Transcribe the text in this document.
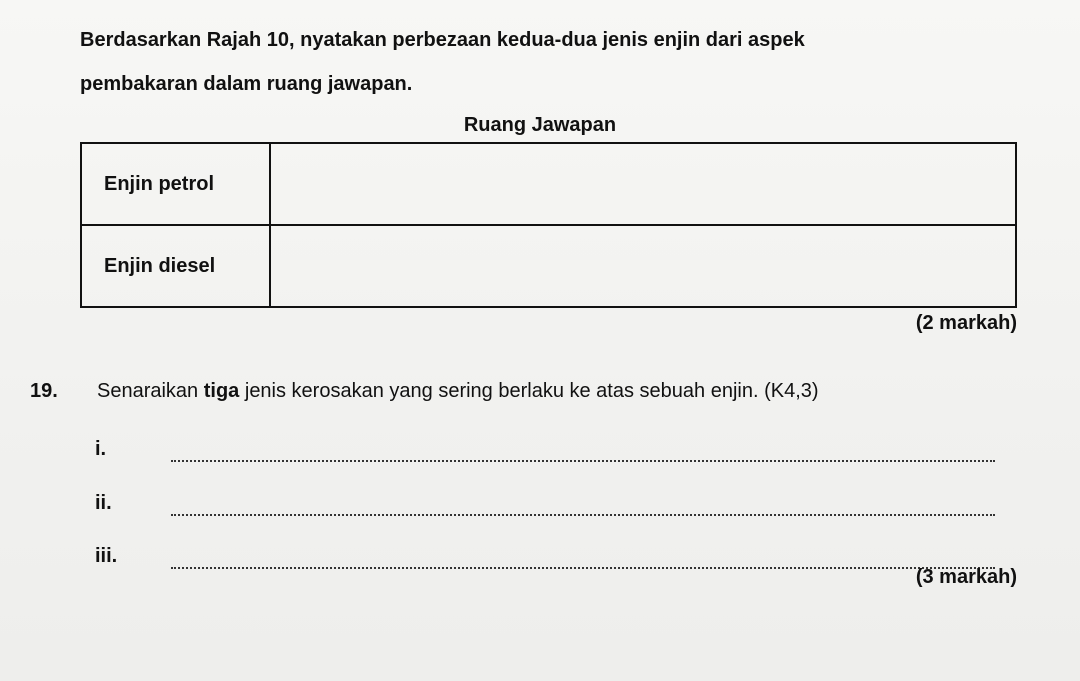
Berdasarkan Rajah 10, nyatakan perbezaan kedua-dua jenis enjin dari aspek
pembakaran dalam ruang jawapan.
Ruang Jawapan
Enjin petrol	
Enjin diesel	
(2 markah)
19. Senaraikan tiga jenis kerosakan yang sering berlaku ke atas sebuah enjin. (K4,3)
i.
ii.
iii.
(3 markah)
